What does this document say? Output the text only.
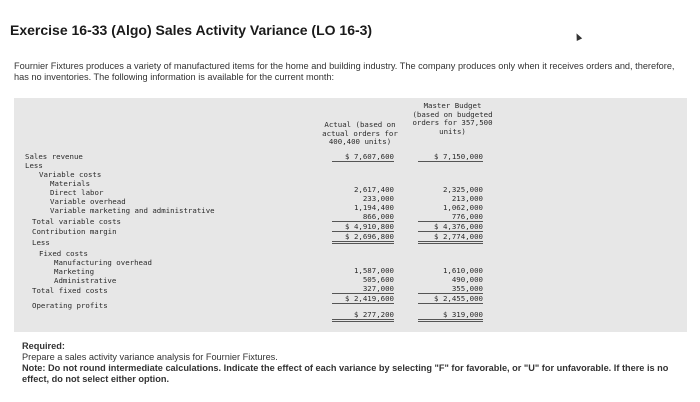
Exercise 16-33 (Algo) Sales Activity Variance (LO 16-3)
Fournier Fixtures produces a variety of manufactured items for the home and building industry. The company produces only when it receives orders and, therefore, has no inventories. The following information is available for the current month:
Actual (based on actual orders for 400,400 units)
Master Budget (based on budgeted orders for 357,500 units)
Sales revenue
Less
Variable costs
Materials
Direct labor
Variable overhead
Variable marketing and administrative
Total variable costs
Contribution margin
Less
Fixed costs
Manufacturing overhead
Marketing
Administrative
Total fixed costs
Operating profits
$ 7,607,600
2,617,400
233,000
1,194,400
866,000
$ 4,910,800
$ 2,696,800
1,587,000
505,600
327,000
$ 2,419,600
$ 277,200
$ 7,150,000
2,325,000
213,000
1,062,000
776,000
$ 4,376,000
$ 2,774,000
1,610,000
490,000
355,000
$ 2,455,000
$ 319,000
Required:
Prepare a sales activity variance analysis for Fournier Fixtures.
Note: Do not round intermediate calculations. Indicate the effect of each variance by selecting "F" for favorable, or "U" for unfavorable. If there is no effect, do not select either option.
